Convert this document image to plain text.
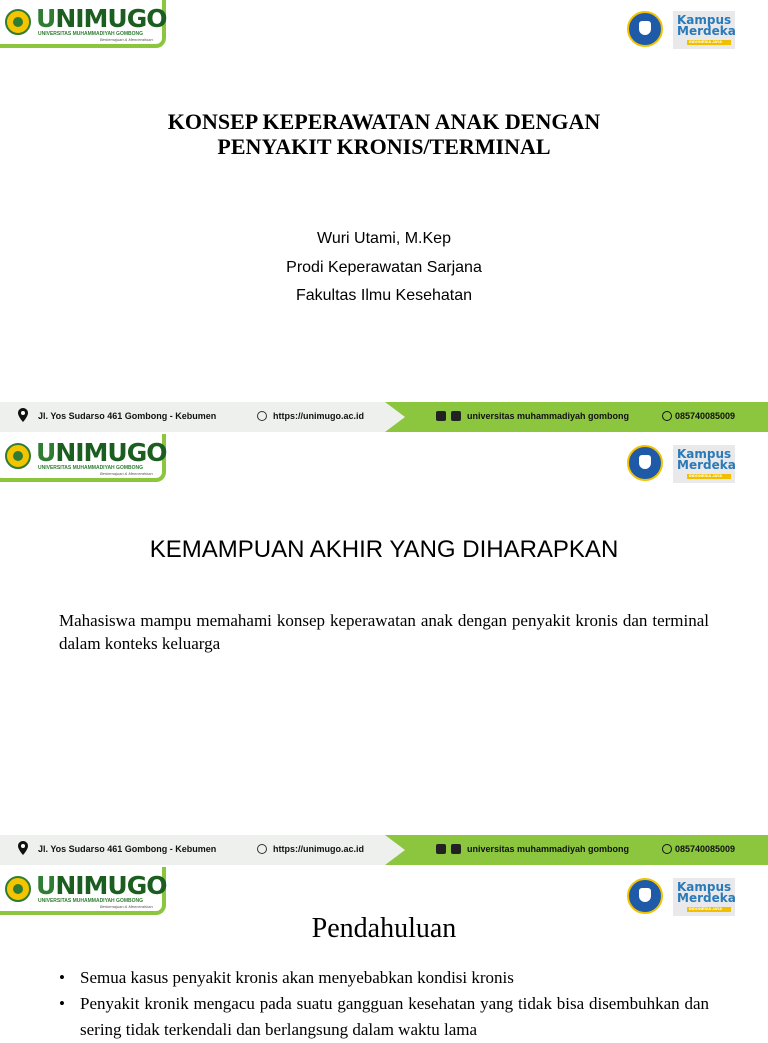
UNIMUGO
UNIVERSITAS MUHAMMADIYAH GOMBONG
Berkemajuan & Mencerahkan
Kampus
Merdeka
INDONESIA JAYA
KONSEP KEPERAWATAN ANAK DENGAN
PENYAKIT KRONIS/TERMINAL
Wuri Utami, M.Kep
Prodi Keperawatan Sarjana
Fakultas Ilmu Kesehatan
Jl. Yos Sudarso 461 Gombong - Kebumen	https://unimugo.ac.id	universitas muhammadiyah gombong	085740085009
UNIMUGO
UNIVERSITAS MUHAMMADIYAH GOMBONG
Berkemajuan & Mencerahkan
Kampus
Merdeka
INDONESIA JAYA
KEMAMPUAN AKHIR YANG DIHARAPKAN
Mahasiswa mampu memahami konsep keperawatan anak dengan penyakit kronis dan terminal dalam konteks keluarga
Jl. Yos Sudarso 461 Gombong - Kebumen	https://unimugo.ac.id	universitas muhammadiyah gombong	085740085009
UNIMUGO
UNIVERSITAS MUHAMMADIYAH GOMBONG
Berkemajuan & Mencerahkan
Kampus
Merdeka
INDONESIA JAYA
Pendahuluan
• Semua kasus penyakit kronis akan menyebabkan kondisi kronis
• Penyakit kronik mengacu pada suatu gangguan kesehatan yang tidak bisa disembuhkan dan sering tidak terkendali dan berlangsung dalam waktu lama
